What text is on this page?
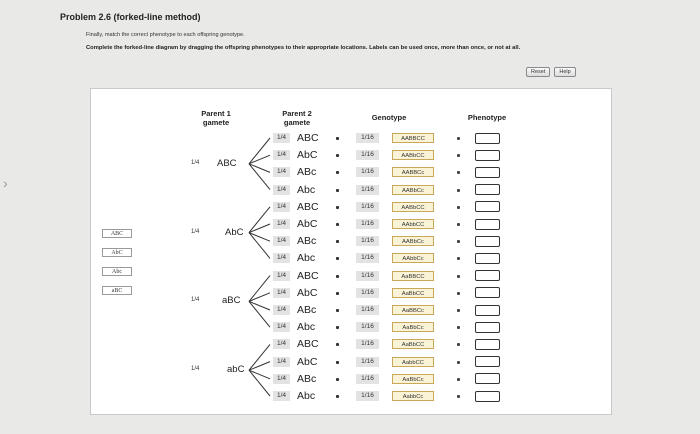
›
Problem 2.6 (forked-line method)
Finally, match the correct phenotype to each offspring genotype.
Complete the forked-line diagram by dragging the offspring phenotypes to their appropriate locations. Labels can be used once, more than once, or not at all.
Reset	Help
Parent 1
gamete
Parent 2
gamete
Genotype	Phenotype
ABC
AbC
Abc
aBC
1/4 ABC
1/4	AbC
1/4 aBC
1/4	abC
1/4	ABC	1/16	AABBCC
1/4	AbC	1/16	AABbCC
1/4	ABc	1/16	AABBCc
1/4	Abc	1/16	AABbCc
1/4	ABC	1/16	AABbCC
1/4	AbC	1/16	AAbbCC
1/4	ABc	1/16	AABbCc
1/4	Abc	1/16	AAbbCc
1/4	ABC	1/16	AaBBCC
1/4	AbC	1/16	AaBbCC
1/4	ABc	1/16	AaBBCc
1/4	Abc	1/16	AaBbCc
1/4	ABC	1/16	AaBbCC
1/4	AbC	1/16	AabbCC
1/4	ABc	1/16	AaBbCc
1/4	Abc	1/16	AabbCc
